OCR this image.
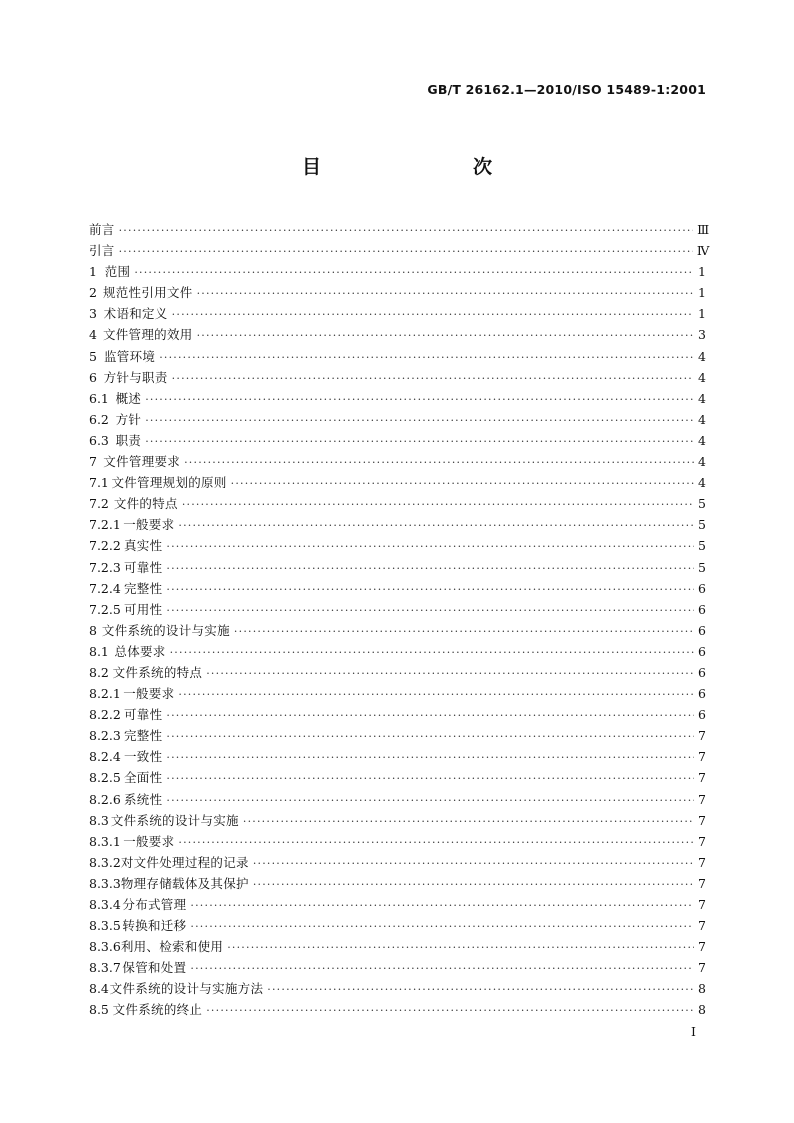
GB/T 26162.1—2010/ISO 15489-1:2001
目　　次
前言 ·····	Ⅲ
引言 ·····	Ⅳ
1 范围 ·····	1
2 规范性引用文件 ·····	1
3 术语和定义 ·····	1
4 文件管理的效用 ·····	3
5 监管环境 ·····	4
6 方针与职责 ·····	4
6.1 概述 ·····	4
6.2 方针 ·····	4
6.3 职责 ·····	4
7 文件管理要求 ·····	4
7.1 文件管理规划的原则 ·····	4
7.2 文件的特点 ·····	5
7.2.1 一般要求 ·····	5
7.2.2 真实性 ·····	5
7.2.3 可靠性 ·····	5
7.2.4 完整性 ·····	6
7.2.5 可用性 ·····	6
8 文件系统的设计与实施 ·····	6
8.1 总体要求 ·····	6
8.2 文件系统的特点 ·····	6
8.2.1 一般要求 ·····	6
8.2.2 可靠性 ·····	6
8.2.3 完整性 ·····	7
8.2.4 一致性 ·····	7
8.2.5 全面性 ·····	7
8.2.6 系统性 ·····	7
8.3 文件系统的设计与实施 ·····	7
8.3.1 一般要求 ·····	7
8.3.2 对文件处理过程的记录 ·····	7
8.3.3 物理存储载体及其保护 ·····	7
8.3.4 分布式管理 ·····	7
8.3.5 转换和迁移 ·····	7
8.3.6 利用、检索和使用 ·····	7
8.3.7 保管和处置 ·····	7
8.4 文件系统的设计与实施方法 ·····	8
8.5 文件系统的终止 ·····	8
I
